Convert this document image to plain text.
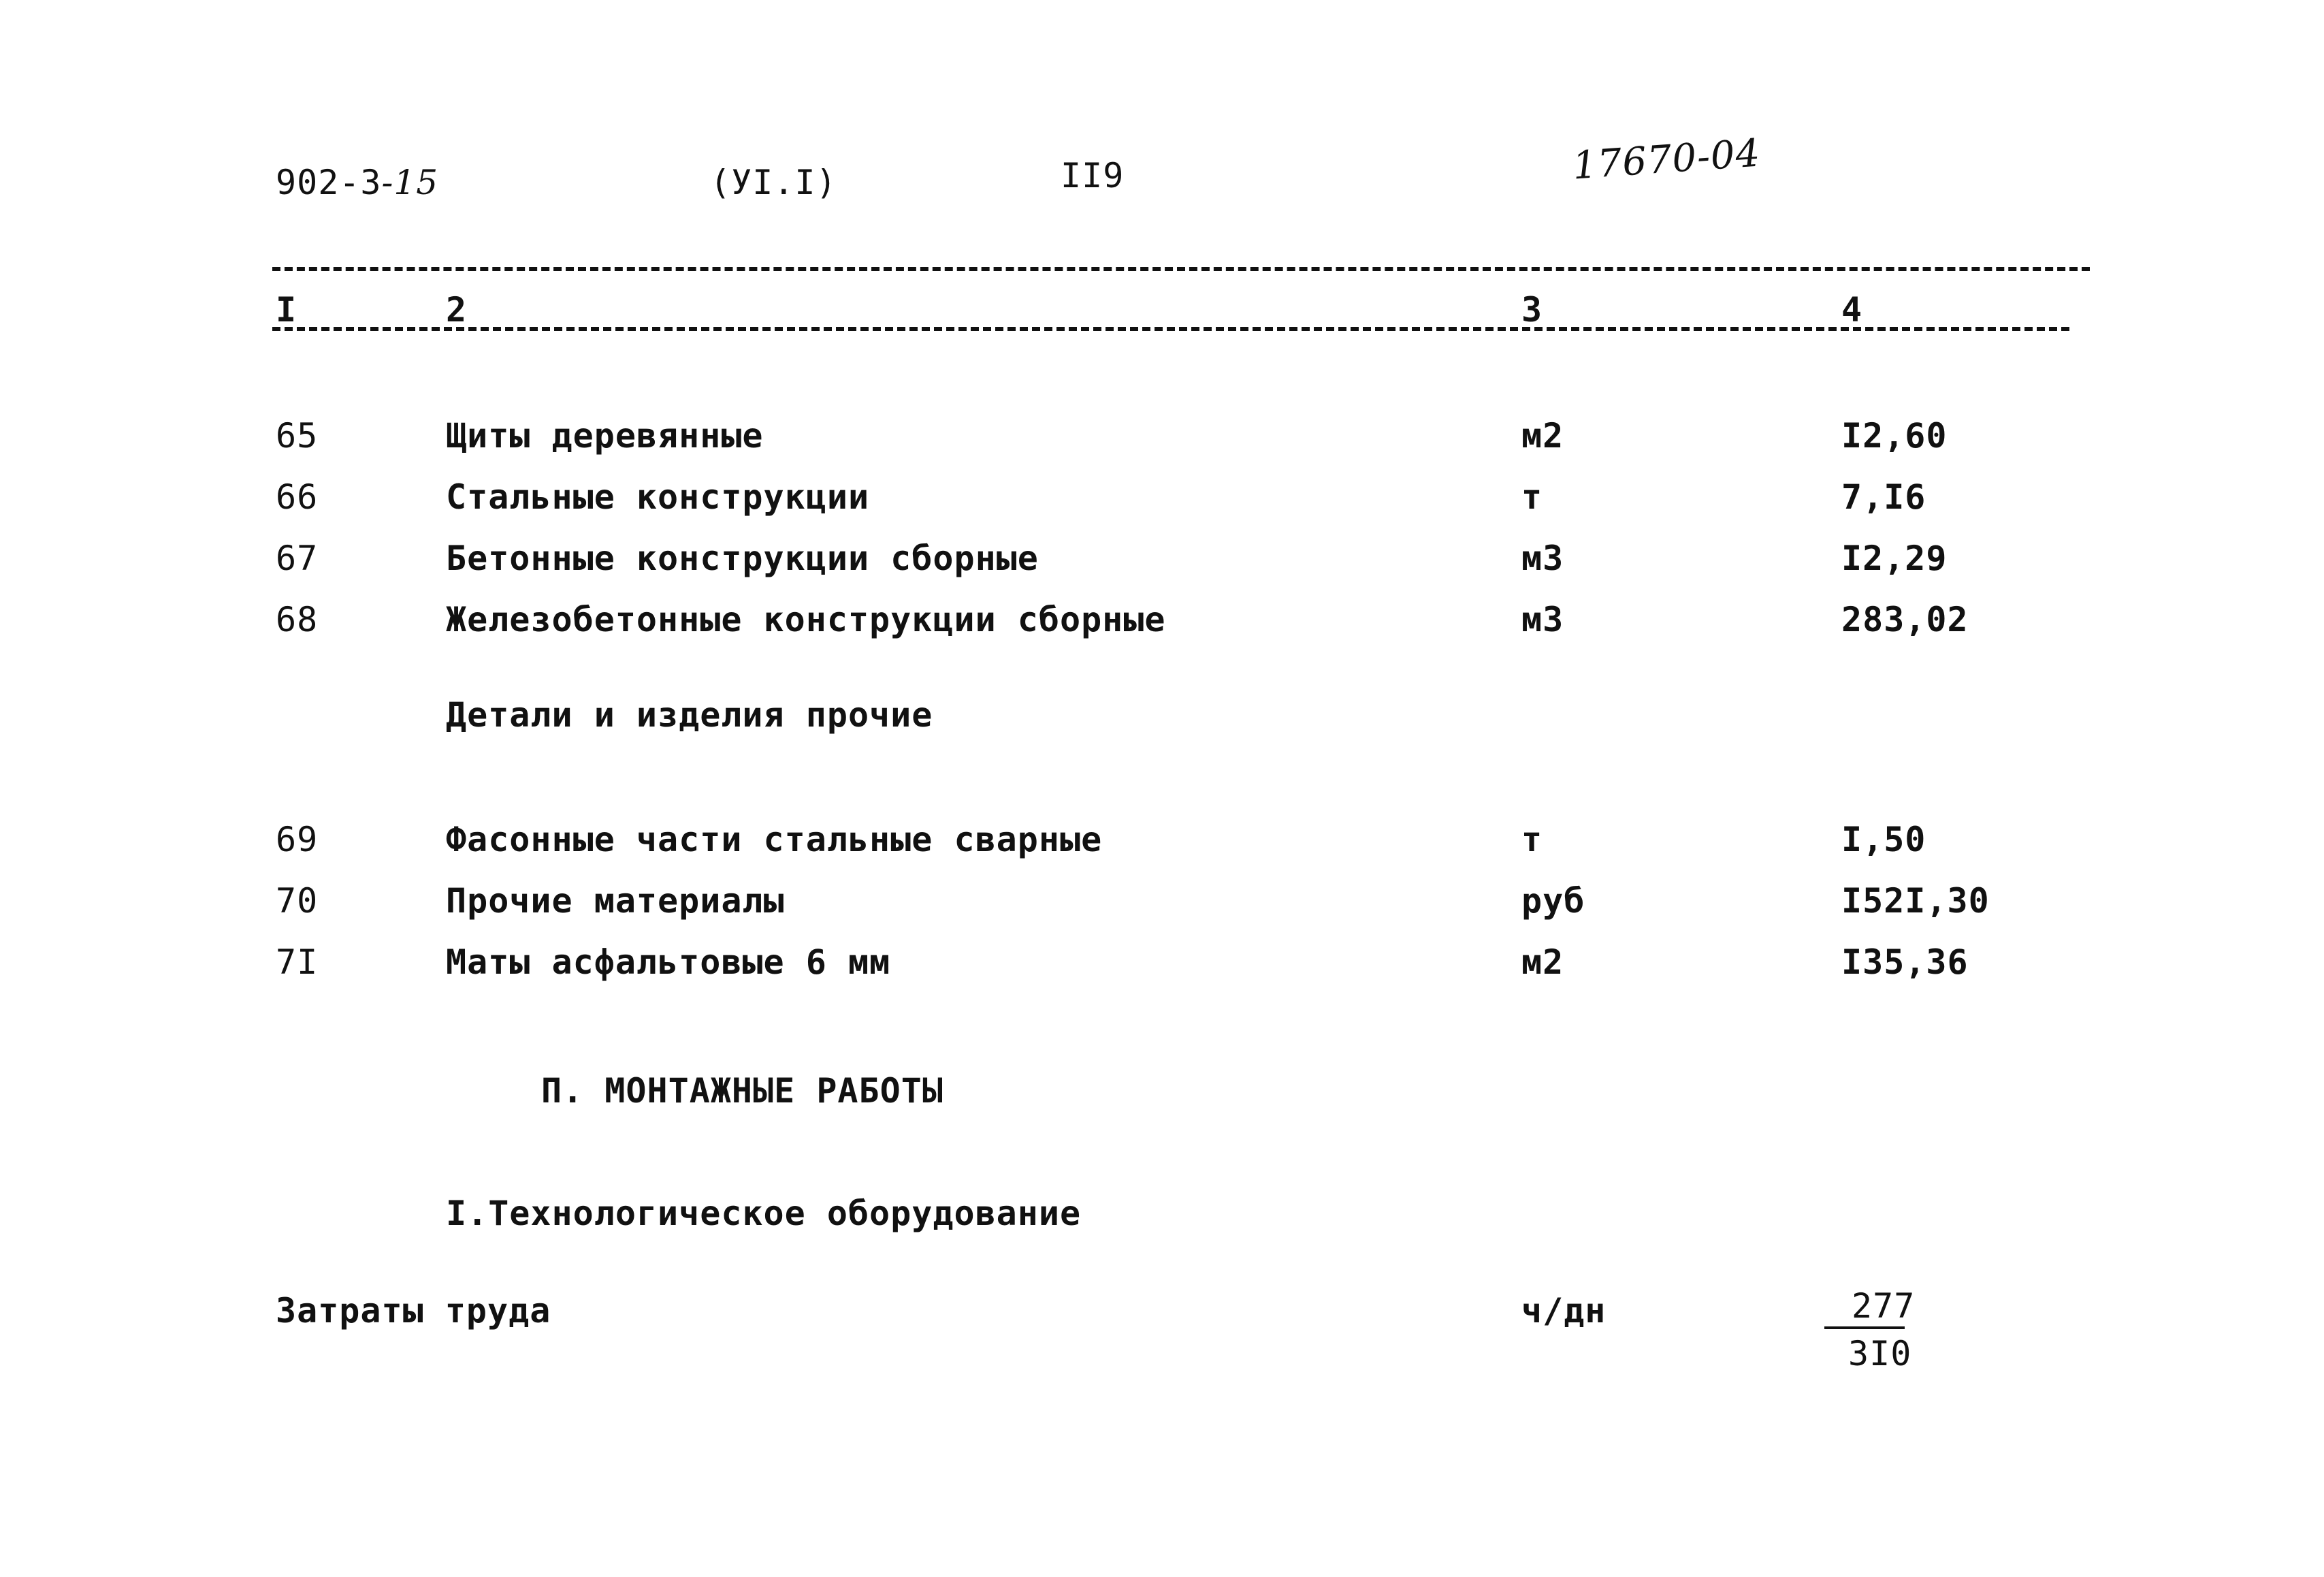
902-3-15	(УI.I)	II9	17670-04
I	2	3	4
65	Щиты деревянные	м2	I2,60
66	Стальные конструкции	т	7,I6
67	Бетонные конструкции сборные	м3	I2,29
68	Железобетонные конструкции сборные	м3	283,02
Детали и изделия прочие
69	Фасонные части стальные сварные	т	I,50
70	Прочие материалы	руб	I52I,30
7I	Маты асфальтовые 6 мм	м2	I35,36
П. МОНТАЖНЫЕ РАБОТЫ
I.Технологическое оборудование
Затраты труда	ч/дн	277
3I0
